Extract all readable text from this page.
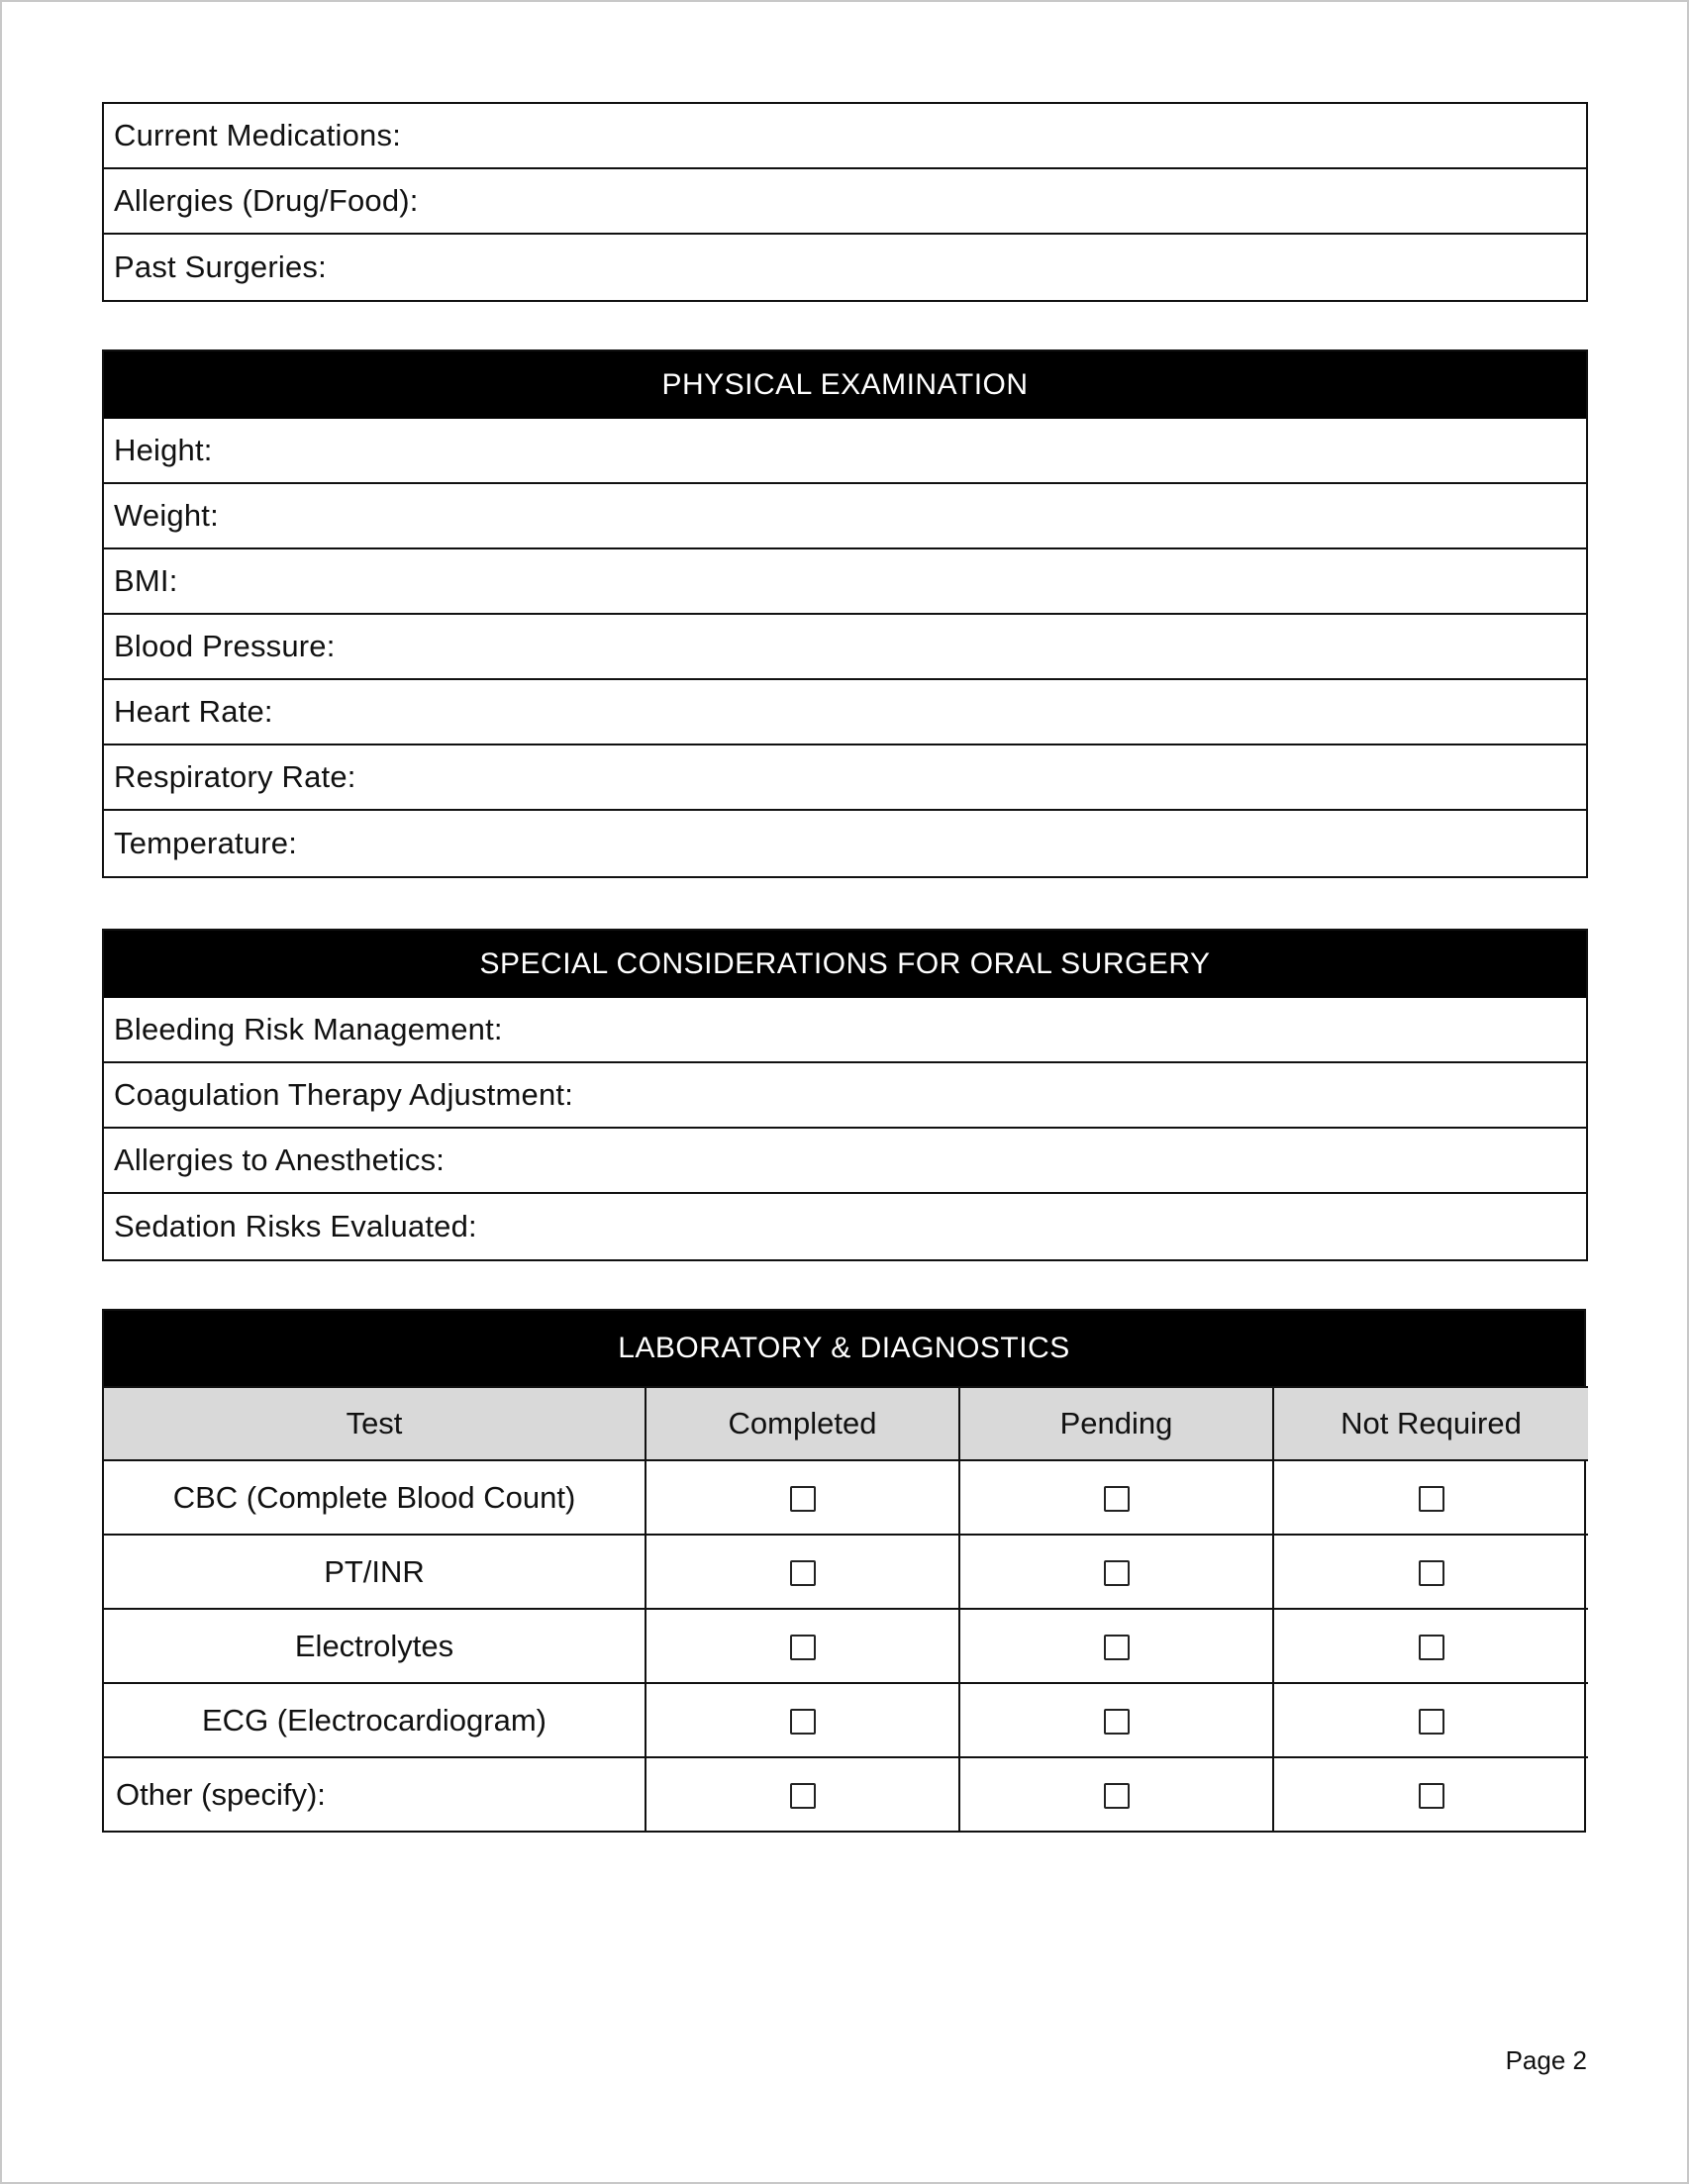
Current Medications:
Allergies (Drug/Food):
Past Surgeries:
PHYSICAL EXAMINATION
Height:
Weight:
BMI:
Blood Pressure:
Heart Rate:
Respiratory Rate:
Temperature:
SPECIAL CONSIDERATIONS FOR ORAL SURGERY
Bleeding Risk Management:
Coagulation Therapy Adjustment:
Allergies to Anesthetics:
Sedation Risks Evaluated:
LABORATORY & DIAGNOSTICS
Test	Completed	Pending	Not Required
CBC (Complete Blood Count)			
PT/INR			
Electrolytes			
ECG (Electrocardiogram)			
Other (specify):			
Page 2
